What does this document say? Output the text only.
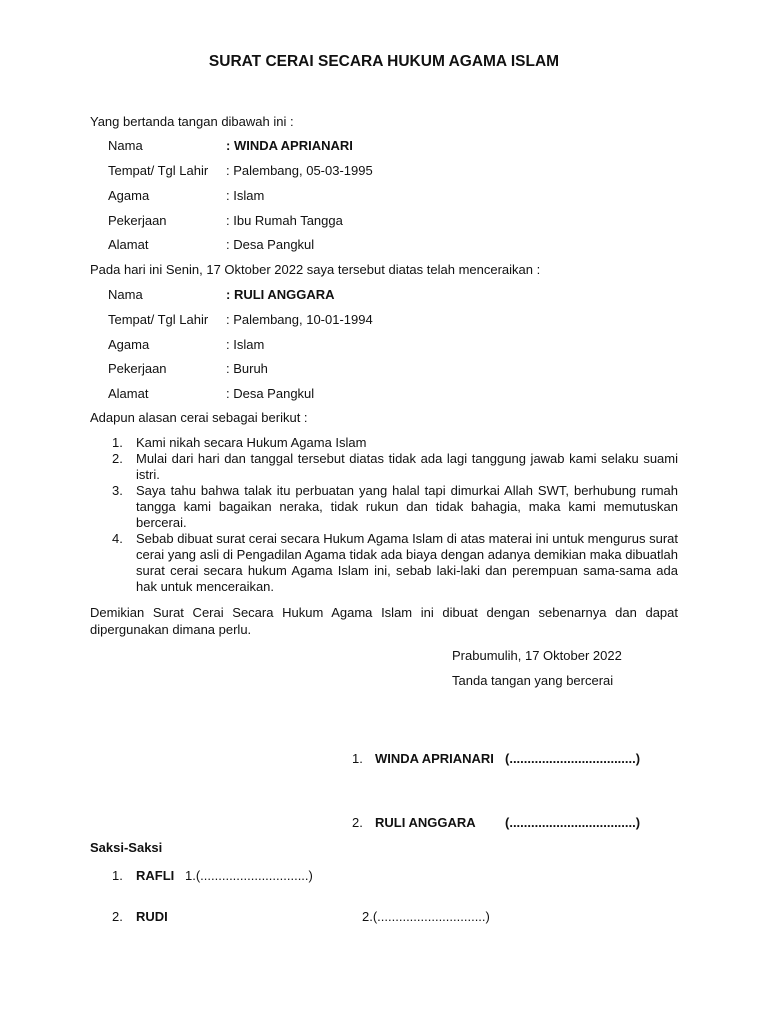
SURAT CERAI SECARA HUKUM AGAMA ISLAM
Yang bertanda tangan dibawah ini :
Nama	: WINDA APRIANARI
Tempat/ Tgl Lahir : Palembang, 05-03-1995
Agama	: Islam
Pekerjaan	: Ibu Rumah Tangga
Alamat	: Desa Pangkul
Pada hari ini Senin, 17 Oktober 2022 saya tersebut diatas telah menceraikan :
Nama	: RULI ANGGARA
Tempat/ Tgl Lahir : Palembang, 10-01-1994
Agama	: Islam
Pekerjaan	: Buruh
Alamat	: Desa Pangkul
Adapun alasan cerai sebagai berikut :
1. Kami nikah secara Hukum Agama Islam
2. Mulai dari hari dan tanggal tersebut diatas tidak ada lagi tanggung jawab kami selaku suami istri.
3. Saya tahu bahwa talak itu perbuatan yang halal tapi dimurkai Allah SWT, berhubung rumah tangga kami bagaikan neraka, tidak rukun dan tidak bahagia, maka kami memutuskan bercerai.
4. Sebab dibuat surat cerai secara Hukum Agama Islam di atas materai ini untuk mengurus surat cerai yang asli di Pengadilan Agama tidak ada biaya dengan adanya demikian maka dibuatlah surat cerai secara hukum Agama Islam ini, sebab laki-laki dan perempuan sama-sama ada hak untuk menceraikan.
Demikian Surat Cerai Secara Hukum Agama Islam ini dibuat dengan sebenarnya dan dapat dipergunakan dimana perlu.
Prabumulih, 17 Oktober 2022
Tanda tangan yang bercerai
1. WINDA APRIANARI (...................................)
2. RULI ANGGARA (...................................)
Saksi-Saksi
1. RAFLI 1.(..............................)
2. RUDI	2.(..............................)
